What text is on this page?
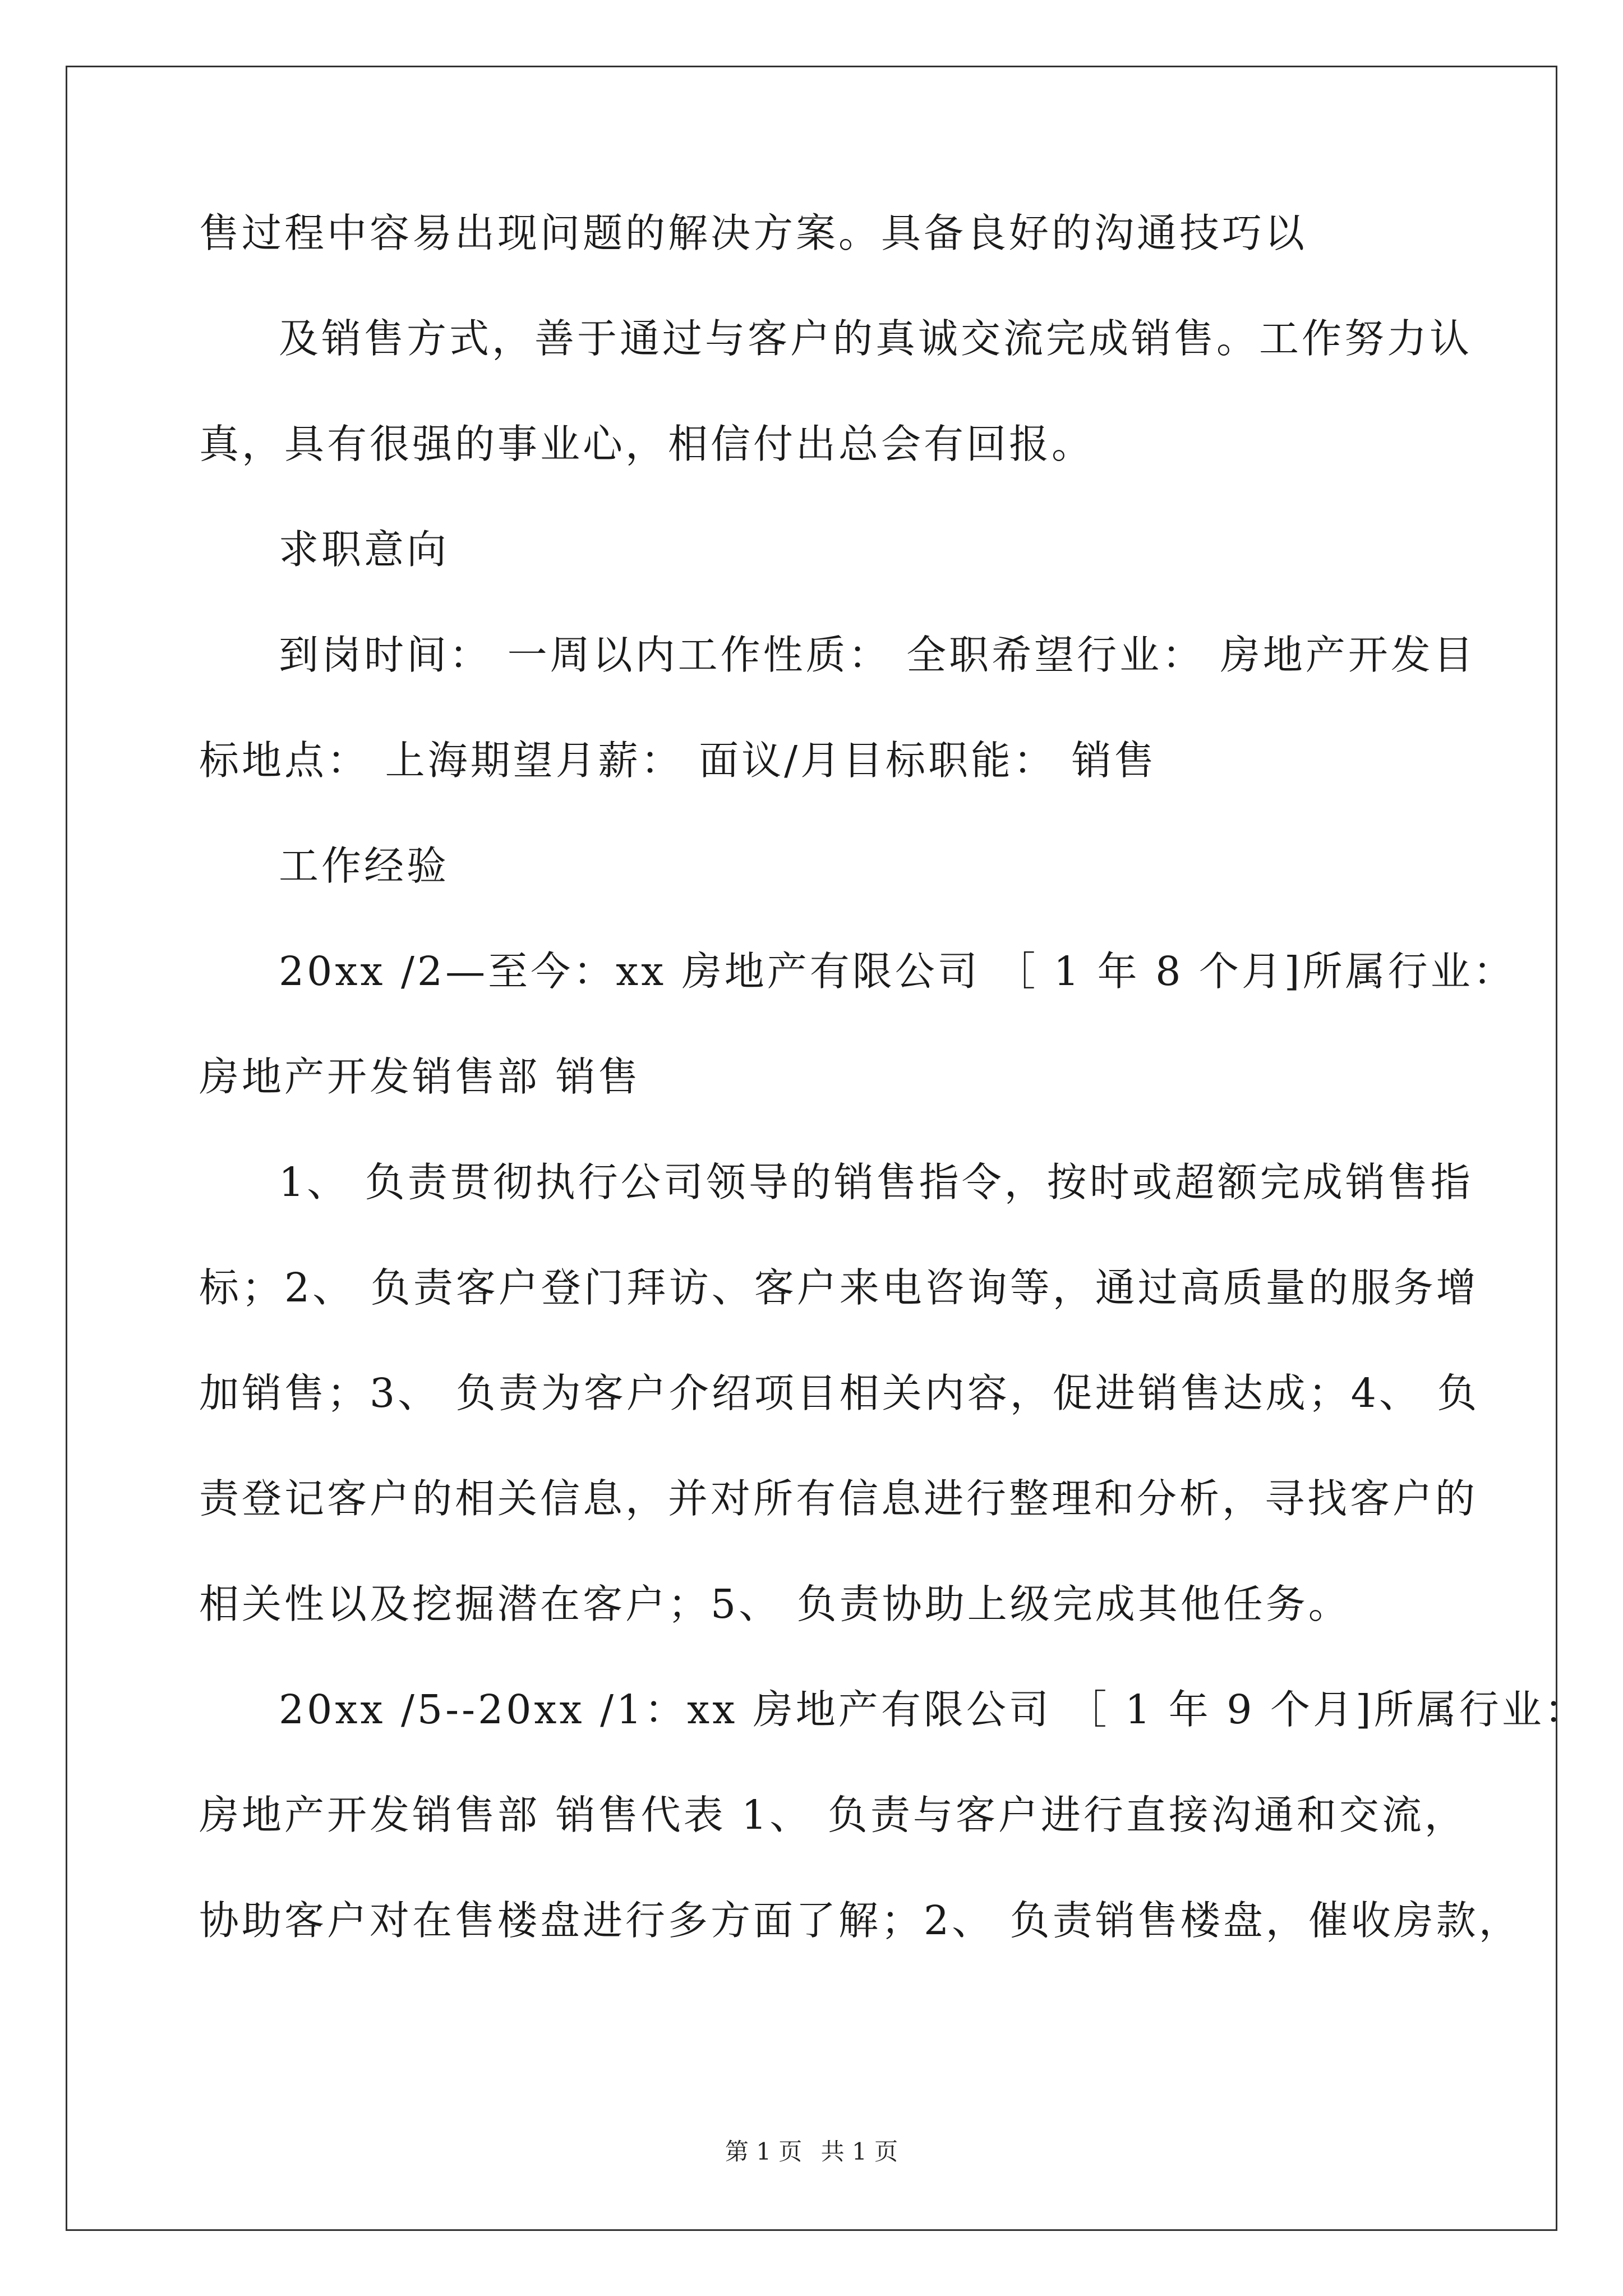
售过程中容易出现问题的解决方案。具备良好的沟通技巧以
及销售方式，善于通过与客户的真诚交流完成销售。工作努力认
真，具有很强的事业心，相信付出总会有回报。
求职意向
到岗时间： 一周以内工作性质： 全职希望行业： 房地产开发目
标地点： 上海期望月薪： 面议/月目标职能： 销售
工作经验
20xx /2—至今：xx 房地产有限公司 ［ 1 年 8 个月]所属行业：
房地产开发销售部 销售
1、 负责贯彻执行公司领导的销售指令，按时或超额完成销售指
标；2、 负责客户登门拜访、客户来电咨询等，通过高质量的服务增
加销售；3、 负责为客户介绍项目相关内容，促进销售达成；4、 负
责登记客户的相关信息，并对所有信息进行整理和分析，寻找客户的
相关性以及挖掘潜在客户；5、 负责协助上级完成其他任务。
20xx /5--20xx /1：xx 房地产有限公司 ［ 1 年 9 个月]所属行业：
房地产开发销售部 销售代表 1、 负责与客户进行直接沟通和交流，
协助客户对在售楼盘进行多方面了解；2、 负责销售楼盘，催收房款，
第 1 页 共 1 页
